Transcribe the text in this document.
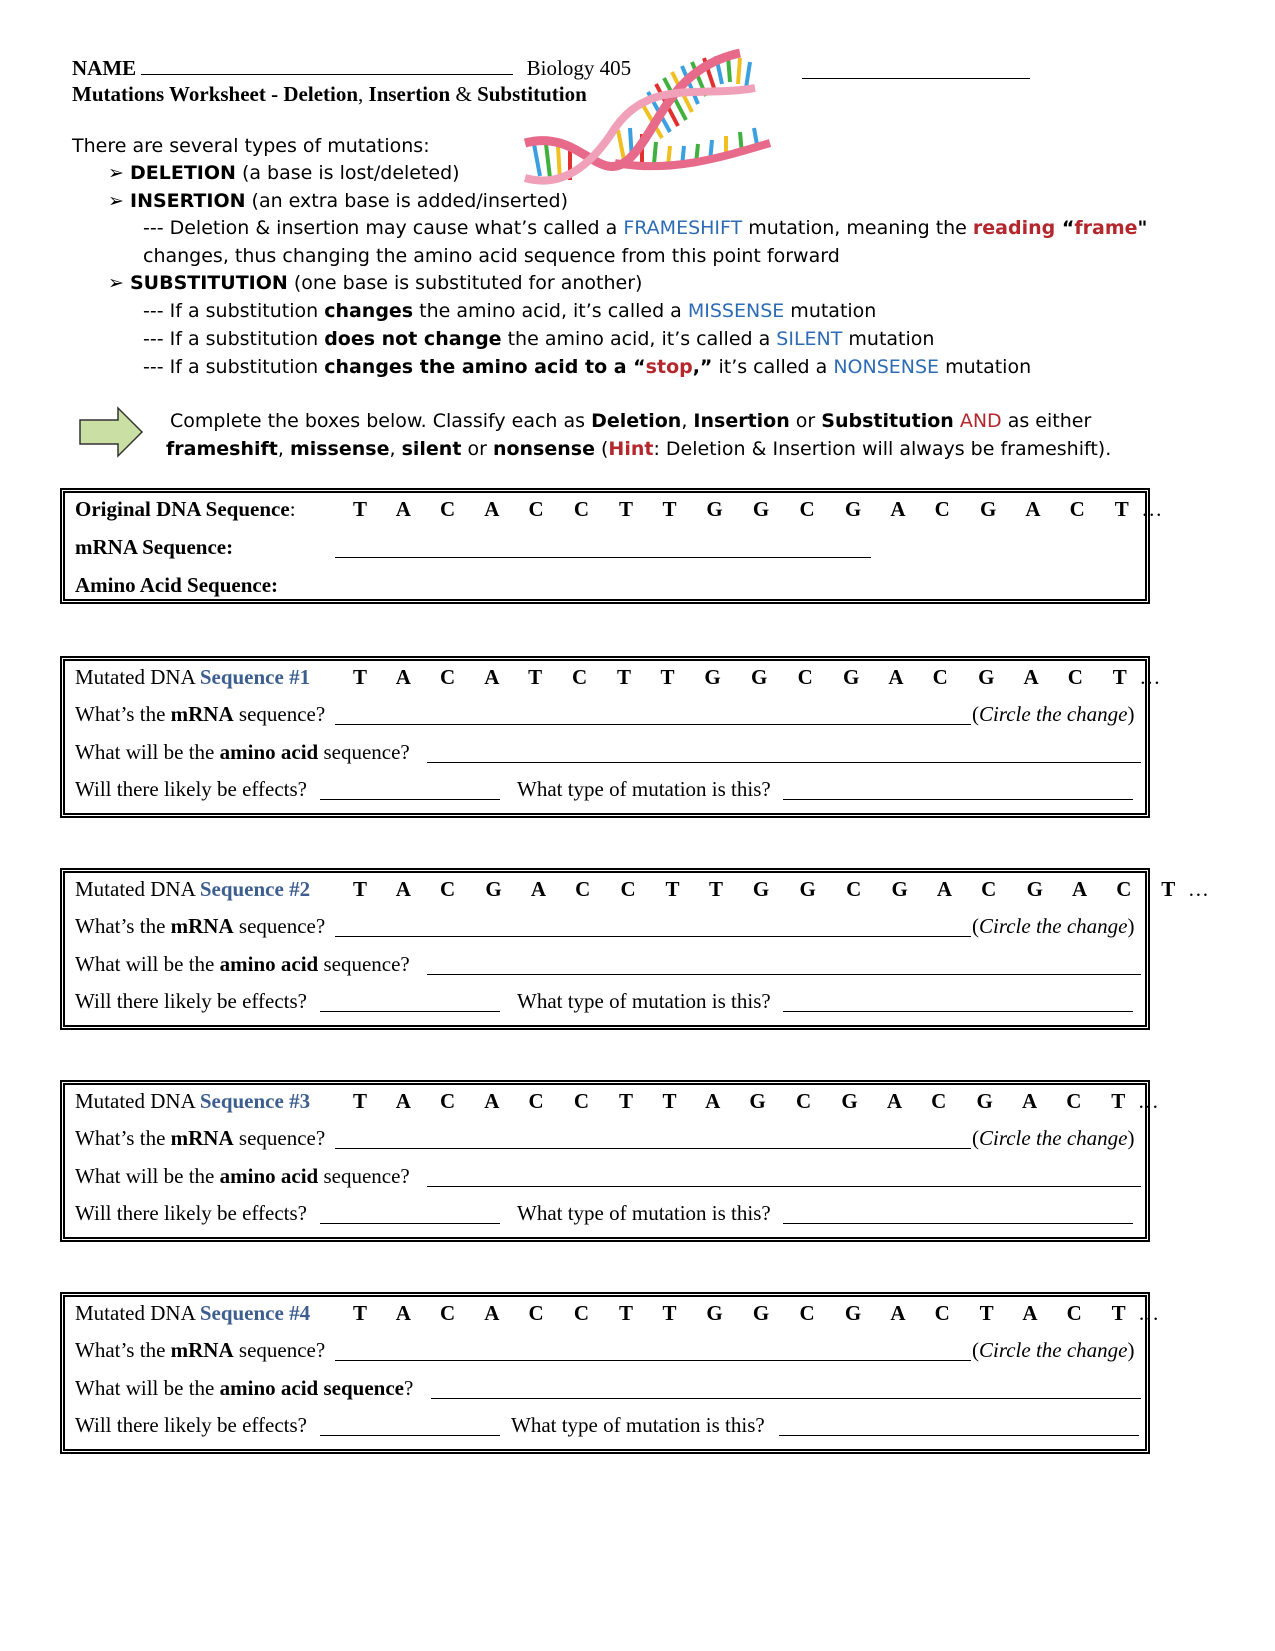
NAME	Biology 405
Mutations Worksheet - Deletion, Insertion & Substitution
There are several types of mutations:
➢ DELETION (a base is lost/deleted)
➢ INSERTION (an extra base is added/inserted)
--- Deletion & insertion may cause what’s called a FRAMESHIFT mutation, meaning the reading “frame"
changes, thus changing the amino acid sequence from this point forward
➢ SUBSTITUTION (one base is substituted for another)
--- If a substitution changes the amino acid, it’s called a MISSENSE mutation
--- If a substitution does not change the amino acid, it’s called a SILENT mutation
--- If a substitution changes the amino acid to a “stop,” it’s called a NONSENSE mutation
Complete the boxes below. Classify each as Deletion, Insertion or Substitution AND as either
frameshift, missense, silent or nonsense (Hint: Deletion & Insertion will always be frameshift).
Original DNA Sequence:	T A C A C C T T G G C G A C G A C T…
mRNA Sequence:
Amino Acid Sequence:
Mutated DNA Sequence #1 T A C A T C T T G G C G A C G A C T…
What’s the mRNA sequence?	(Circle the change)
What will be the amino acid sequence?
Will there likely be effects?	What type of mutation is this?
Mutated DNA Sequence #2 T A C G A C C T T G G C G A C G A C T…
What’s the mRNA sequence?	(Circle the change)
What will be the amino acid sequence?
Will there likely be effects?	What type of mutation is this?
Mutated DNA Sequence #3 T A C A C C T T A G C G A C G A C T…
What’s the mRNA sequence?	(Circle the change)
What will be the amino acid sequence?
Will there likely be effects?	What type of mutation is this?
Mutated DNA Sequence #4 T A C A C C T T G G C G A C T A C T…
What’s the mRNA sequence?	(Circle the change)
What will be the amino acid sequence?
Will there likely be effects?	What type of mutation is this?
